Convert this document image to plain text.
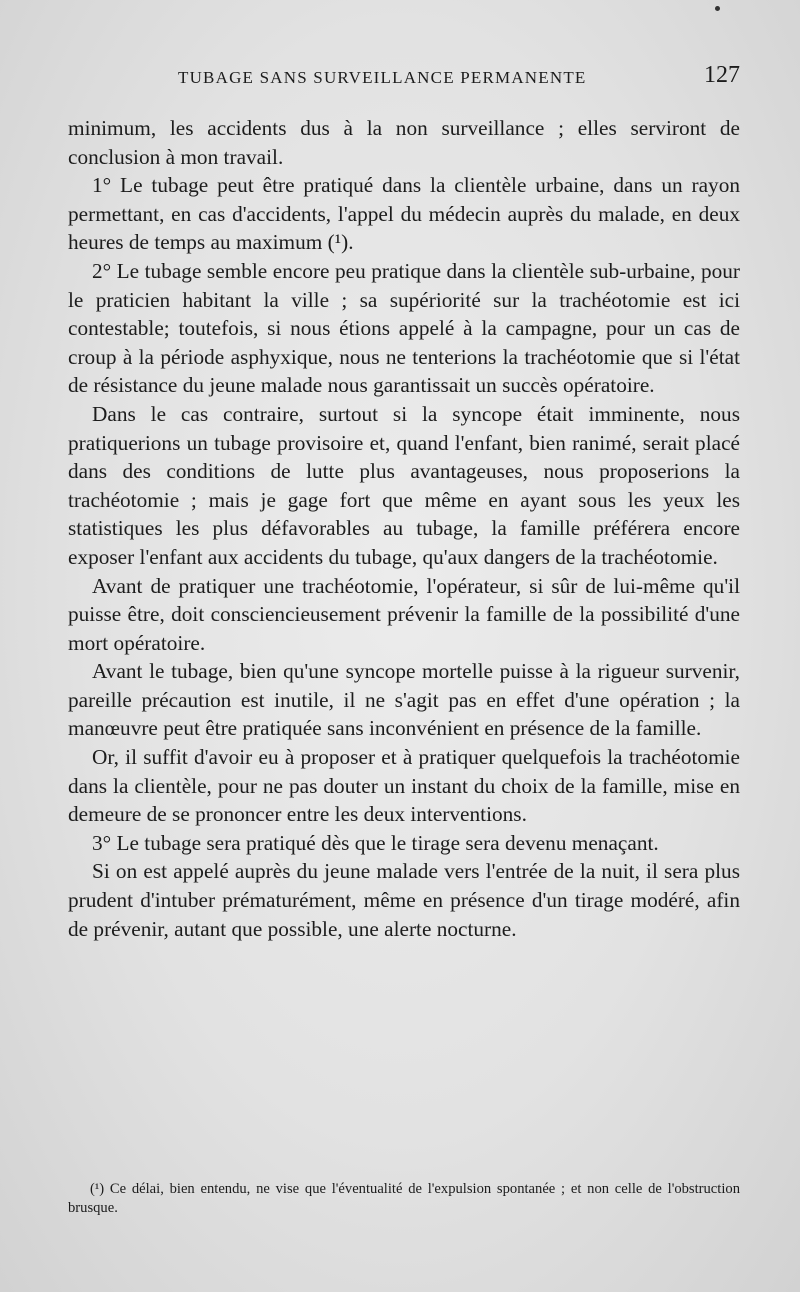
TUBAGE SANS SURVEILLANCE PERMANENTE	127

minimum, les accidents dus à la non surveillance ; elles serviront de conclusion à mon travail.

1° Le tubage peut être pratiqué dans la clientèle urbaine, dans un rayon permettant, en cas d'accidents, l'appel du médecin auprès du malade, en deux heures de temps au maximum (¹).

2° Le tubage semble encore peu pratique dans la clientèle sub-urbaine, pour le praticien habitant la ville ; sa supériorité sur la trachéotomie est ici contestable; toutefois, si nous étions appelé à la campagne, pour un cas de croup à la période asphyxique, nous ne tenterions la trachéotomie que si l'état de résistance du jeune malade nous garantissait un succès opératoire.

Dans le cas contraire, surtout si la syncope était imminente, nous pratiquerions un tubage provisoire et, quand l'enfant, bien ranimé, serait placé dans des conditions de lutte plus avantageuses, nous proposerions la trachéotomie ; mais je gage fort que même en ayant sous les yeux les statistiques les plus défavorables au tubage, la famille préférera encore exposer l'enfant aux accidents du tubage, qu'aux dangers de la trachéotomie.

Avant de pratiquer une trachéotomie, l'opérateur, si sûr de lui-même qu'il puisse être, doit consciencieusement prévenir la famille de la possibilité d'une mort opératoire.

Avant le tubage, bien qu'une syncope mortelle puisse à la rigueur survenir, pareille précaution est inutile, il ne s'agit pas en effet d'une opération ; la manœuvre peut être pratiquée sans inconvénient en présence de la famille.

Or, il suffit d'avoir eu à proposer et à pratiquer quelquefois la trachéotomie dans la clientèle, pour ne pas douter un instant du choix de la famille, mise en demeure de se prononcer entre les deux interventions.

3° Le tubage sera pratiqué dès que le tirage sera devenu menaçant.

Si on est appelé auprès du jeune malade vers l'entrée de la nuit, il sera plus prudent d'intuber prématurément, même en présence d'un tirage modéré, afin de prévenir, autant que possible, une alerte nocturne.

(¹) Ce délai, bien entendu, ne vise que l'éventualité de l'expulsion spontanée ; et non celle de l'obstruction brusque.
